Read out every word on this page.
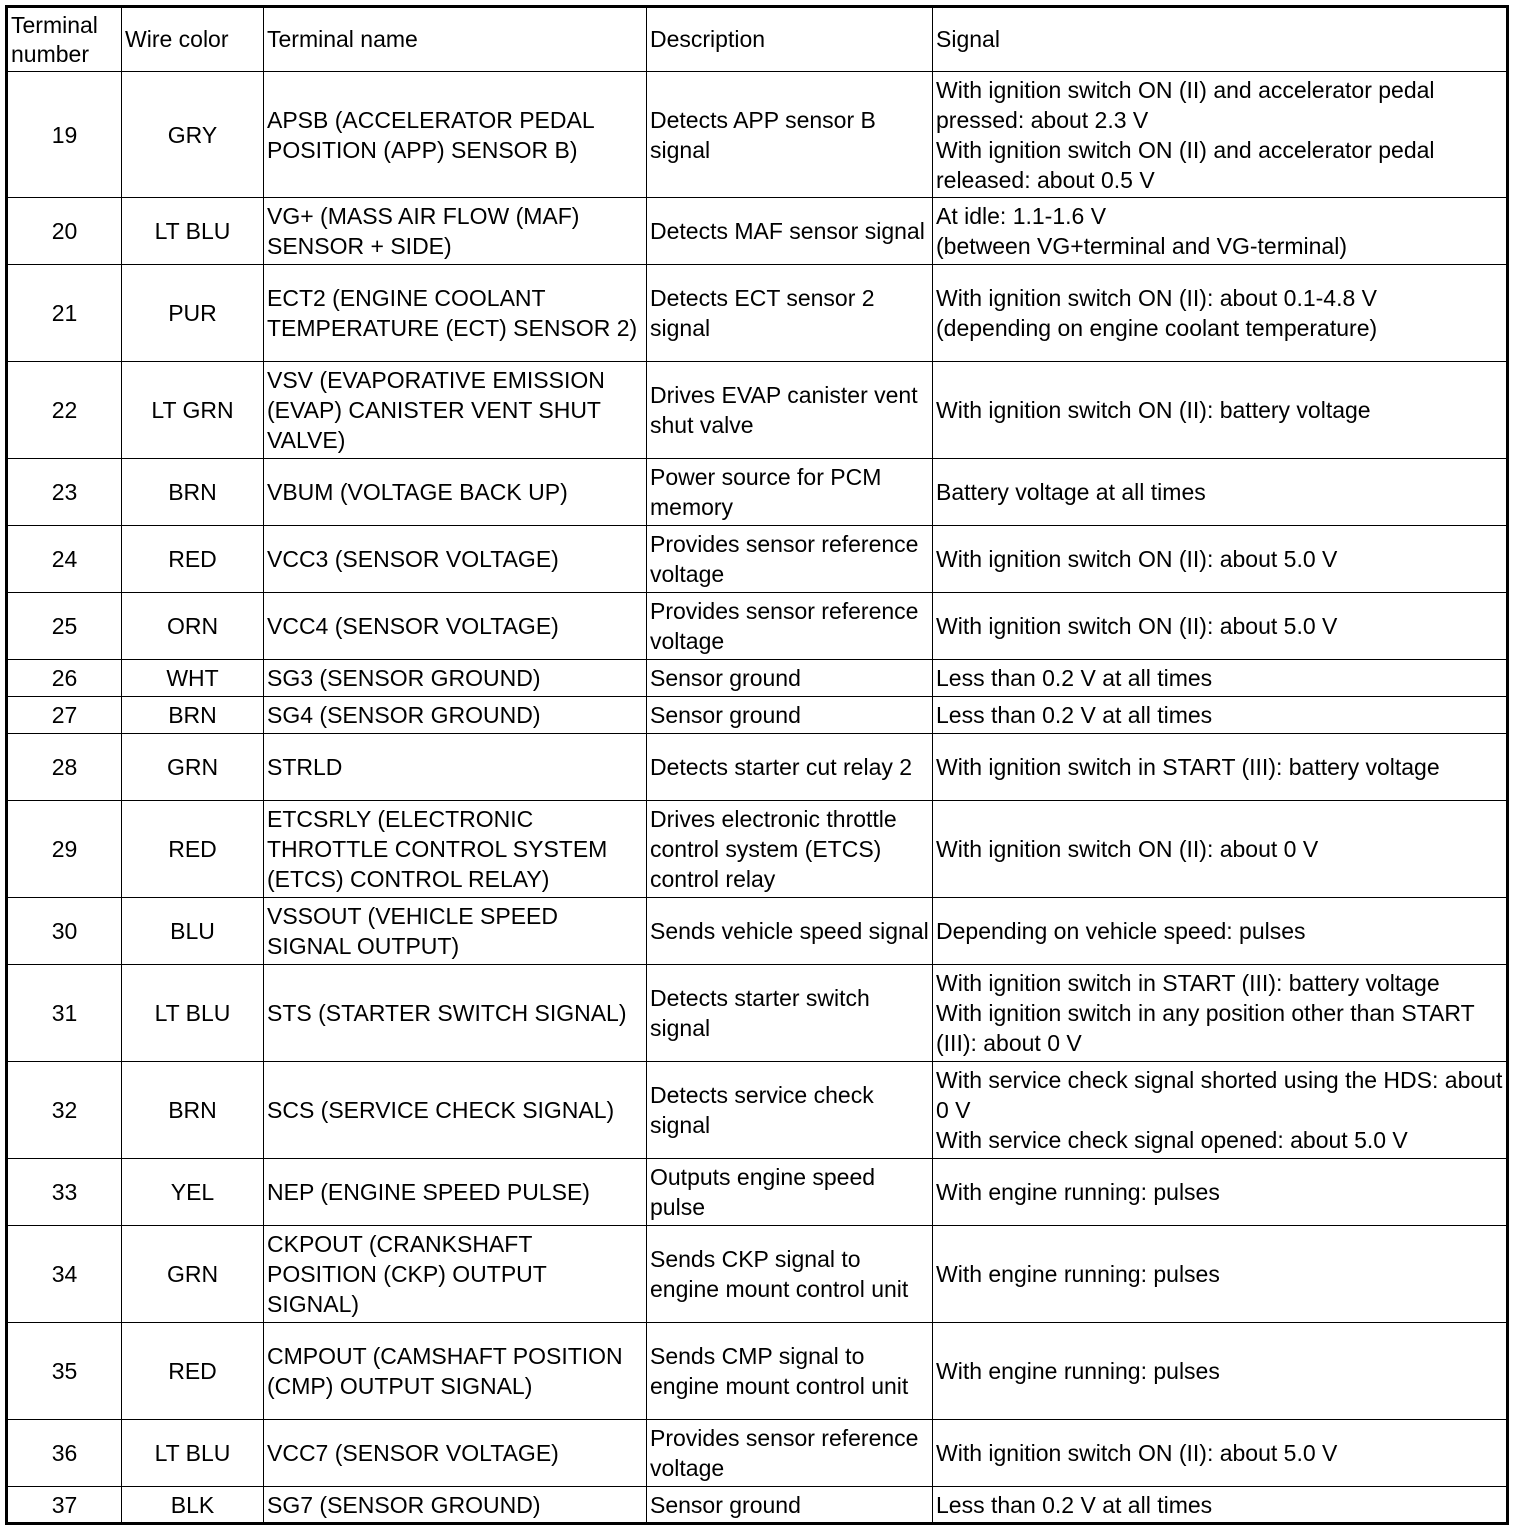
Terminal
number	Wire color	Terminal name	Description	Signal
19	GRY	APSB (ACCELERATOR PEDAL POSITION (APP) SENSOR B)	Detects APP sensor B signal	With ignition switch ON (II) and accelerator pedal pressed: about 2.3 V
With ignition switch ON (II) and accelerator pedal released: about 0.5 V

20	LT BLU	VG+ (MASS AIR FLOW (MAF) SENSOR + SIDE)	Detects MAF sensor signal	At idle: 1.1-1.6 V
(between VG+terminal and VG-terminal)

21	PUR	ECT2 (ENGINE COOLANT TEMPERATURE (ECT) SENSOR 2)	Detects ECT sensor 2 signal	With ignition switch ON (II): about 0.1-4.8 V
(depending on engine coolant temperature)

22	LT GRN	VSV (EVAPORATIVE EMISSION (EVAP) CANISTER VENT SHUT VALVE)	Drives EVAP canister vent shut valve	With ignition switch ON (II): battery voltage

23	BRN	VBUM (VOLTAGE BACK UP)	Power source for PCM memory	Battery voltage at all times

24	RED	VCC3 (SENSOR VOLTAGE)	Provides sensor reference voltage	With ignition switch ON (II): about 5.0 V

25	ORN	VCC4 (SENSOR VOLTAGE)	Provides sensor reference voltage	With ignition switch ON (II): about 5.0 V

26	WHT	SG3 (SENSOR GROUND)	Sensor ground	Less than 0.2 V at all times

27	BRN	SG4 (SENSOR GROUND)	Sensor ground	Less than 0.2 V at all times

28	GRN	STRLD	Detects starter cut relay 2	With ignition switch in START (III): battery voltage

29	RED	ETCSRLY (ELECTRONIC THROTTLE CONTROL SYSTEM (ETCS) CONTROL RELAY)	Drives electronic throttle control system (ETCS) control relay	With ignition switch ON (II): about 0 V

30	BLU	VSSOUT (VEHICLE SPEED SIGNAL OUTPUT)	Sends vehicle speed signal	Depending on vehicle speed: pulses

31	LT BLU	STS (STARTER SWITCH SIGNAL)	Detects starter switch signal	With ignition switch in START (III): battery voltage
With ignition switch in any position other than START (III): about 0 V

32	BRN	SCS (SERVICE CHECK SIGNAL)	Detects service check signal	With service check signal shorted using the HDS: about 0 V
With service check signal opened: about 5.0 V

33	YEL	NEP (ENGINE SPEED PULSE)	Outputs engine speed pulse	With engine running: pulses

34	GRN	CKPOUT (CRANKSHAFT POSITION (CKP) OUTPUT SIGNAL)	Sends CKP signal to engine mount control unit	With engine running: pulses

35	RED	CMPOUT (CAMSHAFT POSITION (CMP) OUTPUT SIGNAL)	Sends CMP signal to engine mount control unit	With engine running: pulses

36	LT BLU	VCC7 (SENSOR VOLTAGE)	Provides sensor reference voltage	With ignition switch ON (II): about 5.0 V

37	BLK	SG7 (SENSOR GROUND)	Sensor ground	Less than 0.2 V at all times
